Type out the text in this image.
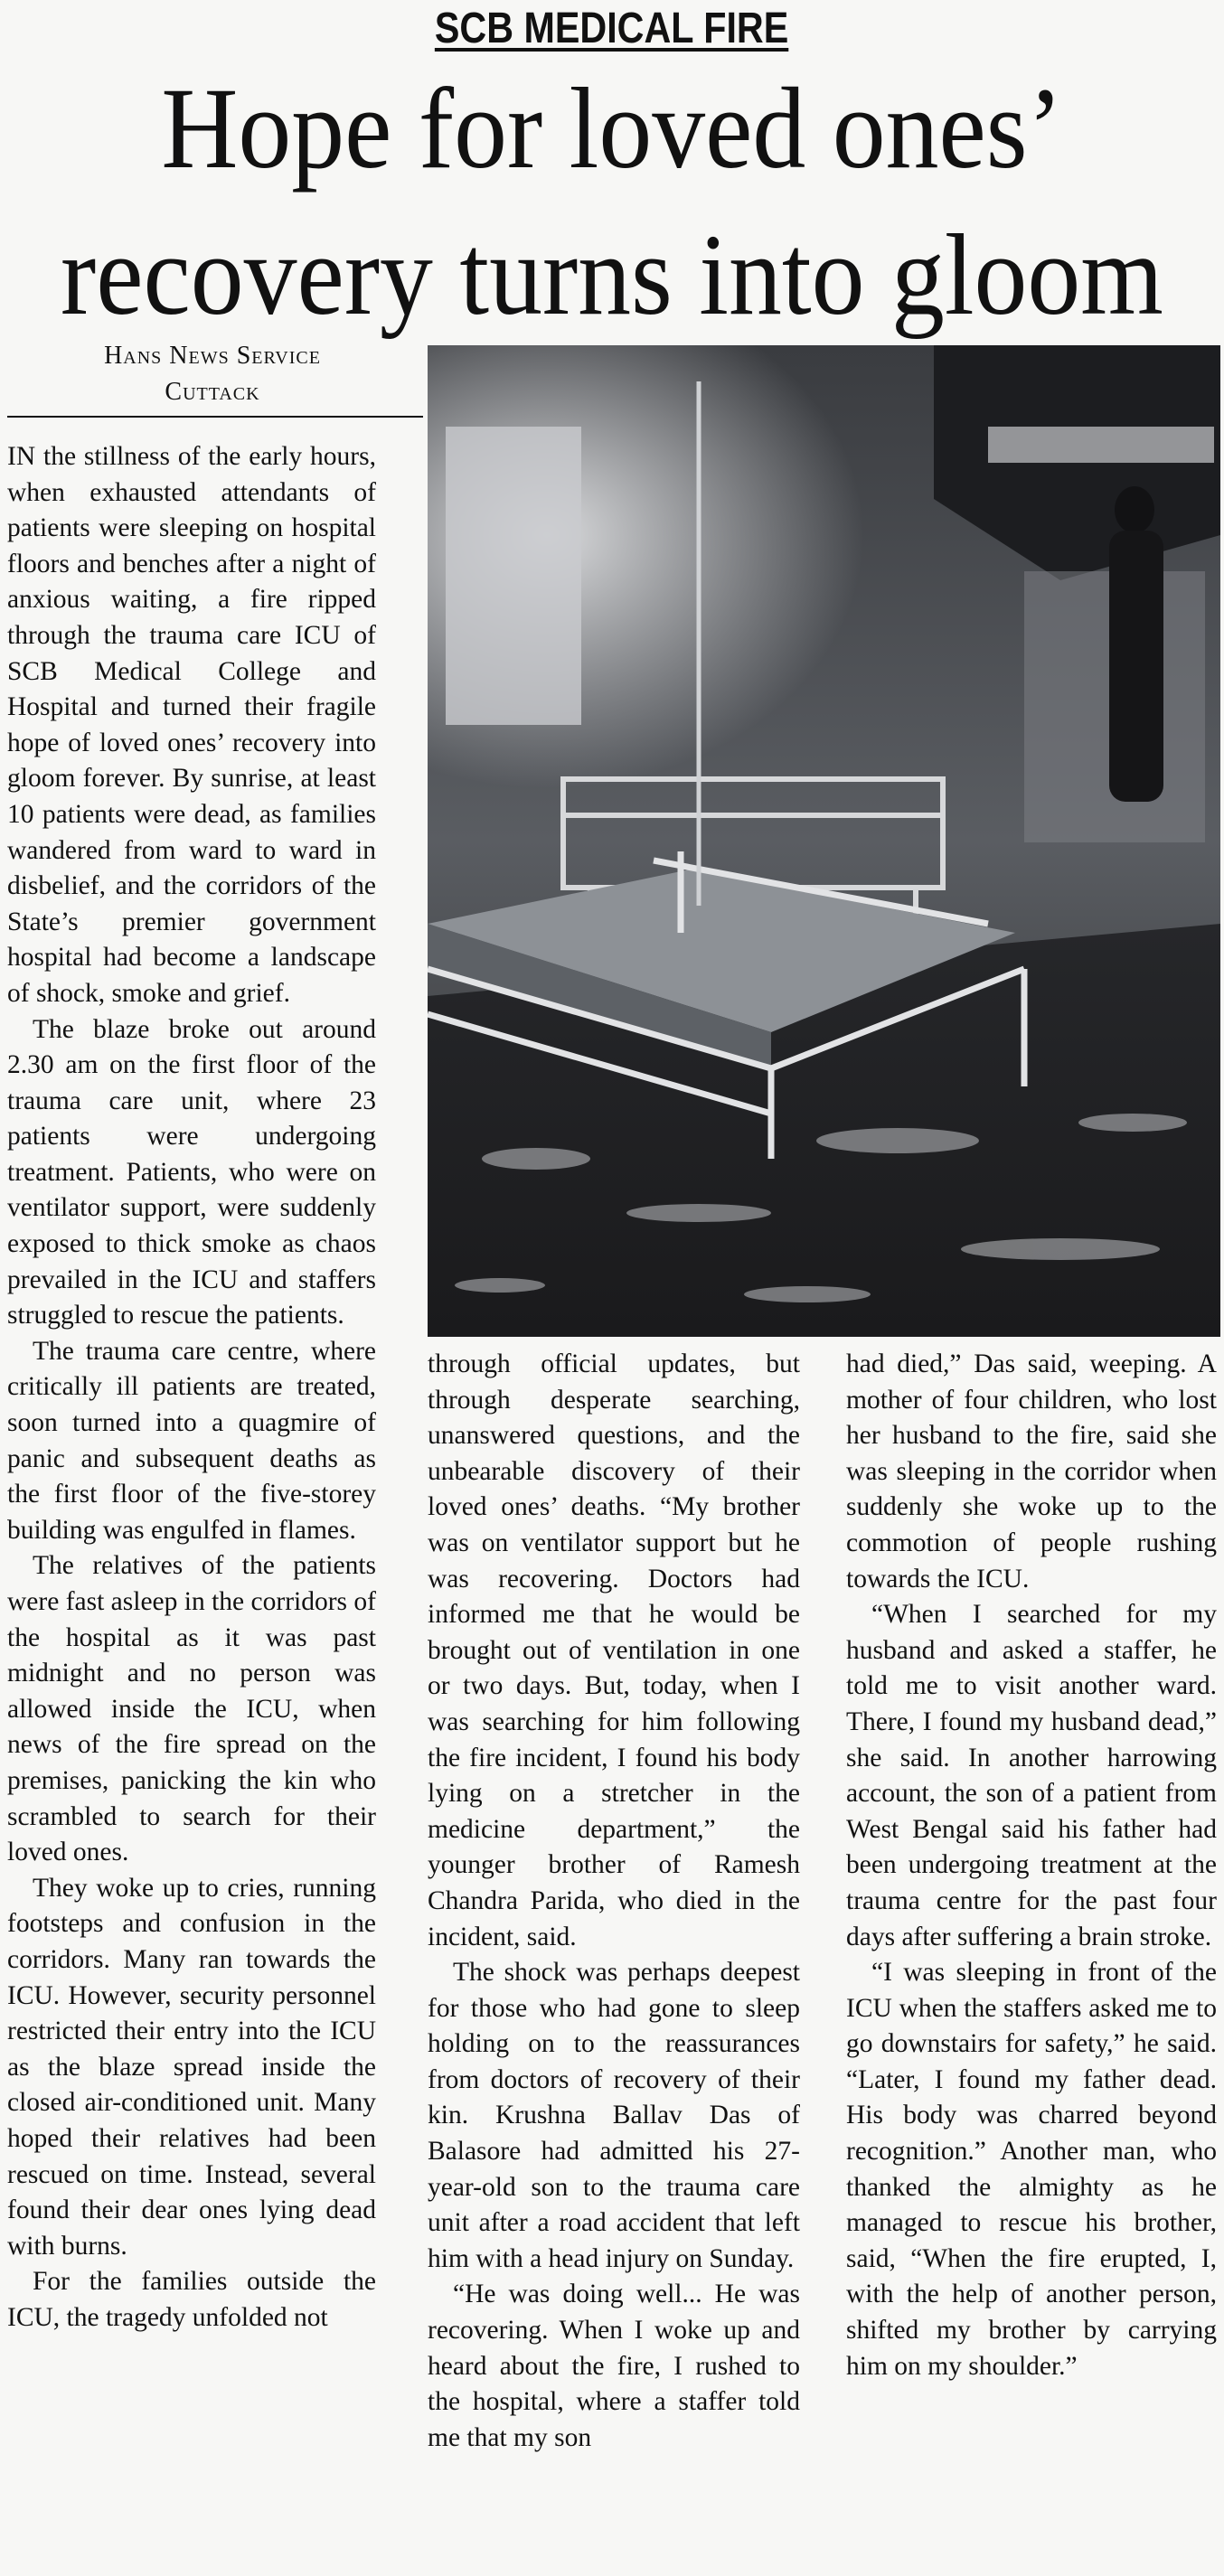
SCB MEDICAL FIRE
Hope for loved ones’
recovery turns into gloom
Hans News Service
Cuttack

IN the stillness of the early hours, when exhausted attendants of patients were sleeping on hospital floors and benches after a night of anxious waiting, a fire ripped through the trauma care ICU of SCB Medical College and Hospital and turned their fragile hope of loved ones’ recovery into gloom forever. By sunrise, at least 10 patients were dead, as families wandered from ward to ward in disbelief, and the corridors of the State’s premier government hospital had become a landscape of shock, smoke and grief.

The blaze broke out around 2.30 am on the first floor of the trauma care unit, where 23 patients were undergoing treatment. Patients, who were on ventilator support, were suddenly exposed to thick smoke as chaos prevailed in the ICU and staffers struggled to rescue the patients.

The trauma care centre, where critically ill patients are treated, soon turned into a quagmire of panic and subsequent deaths as the first floor of the five-storey building was engulfed in flames.

The relatives of the patients were fast asleep in the corridors of the hospital as it was past midnight and no person was allowed inside the ICU, when news of the fire spread on the premises, panicking the kin who scrambled to search for their loved ones.

They woke up to cries, running footsteps and confusion in the corridors. Many ran towards the ICU. However, security personnel restricted their entry into the ICU as the blaze spread inside the closed air-conditioned unit. Many hoped their relatives had been rescued on time. Instead, several found their dear ones lying dead with burns.

For the families outside the ICU, the tragedy unfolded not

through official updates, but through desperate searching, unanswered questions, and the unbearable discovery of their loved ones’ deaths. “My brother was on ventilator support but he was recovering. Doctors had informed me that he would be brought out of ventilation in one or two days. But, today, when I was searching for him following the fire incident, I found his body lying on a stretcher in the medicine department,” the younger brother of Ramesh Chandra Parida, who died in the incident, said.

The shock was perhaps deepest for those who had gone to sleep holding on to the reassurances from doctors of recovery of their kin. Krushna Ballav Das of Balasore had admitted his 27-year-old son to the trauma care unit after a road accident that left him with a head injury on Sunday.

“He was doing well... He was recovering. When I woke up and heard about the fire, I rushed to the hospital, where a staffer told me that my son

had died,” Das said, weeping. A mother of four children, who lost her husband to the fire, said she was sleeping in the corridor when suddenly she woke up to the commotion of people rushing towards the ICU.

“When I searched for my husband and asked a staffer, he told me to visit another ward. There, I found my husband dead,” she said. In another harrowing account, the son of a patient from West Bengal said his father had been undergoing treatment at the trauma centre for the past four days after suffering a brain stroke.

“I was sleeping in front of the ICU when the staffers asked me to go downstairs for safety,” he said. “Later, I found my father dead. His body was charred beyond recognition.” Another man, who thanked the almighty as he managed to rescue his brother, said, “When the fire erupted, I, with the help of another person, shifted my brother by carrying him on my shoulder.”
